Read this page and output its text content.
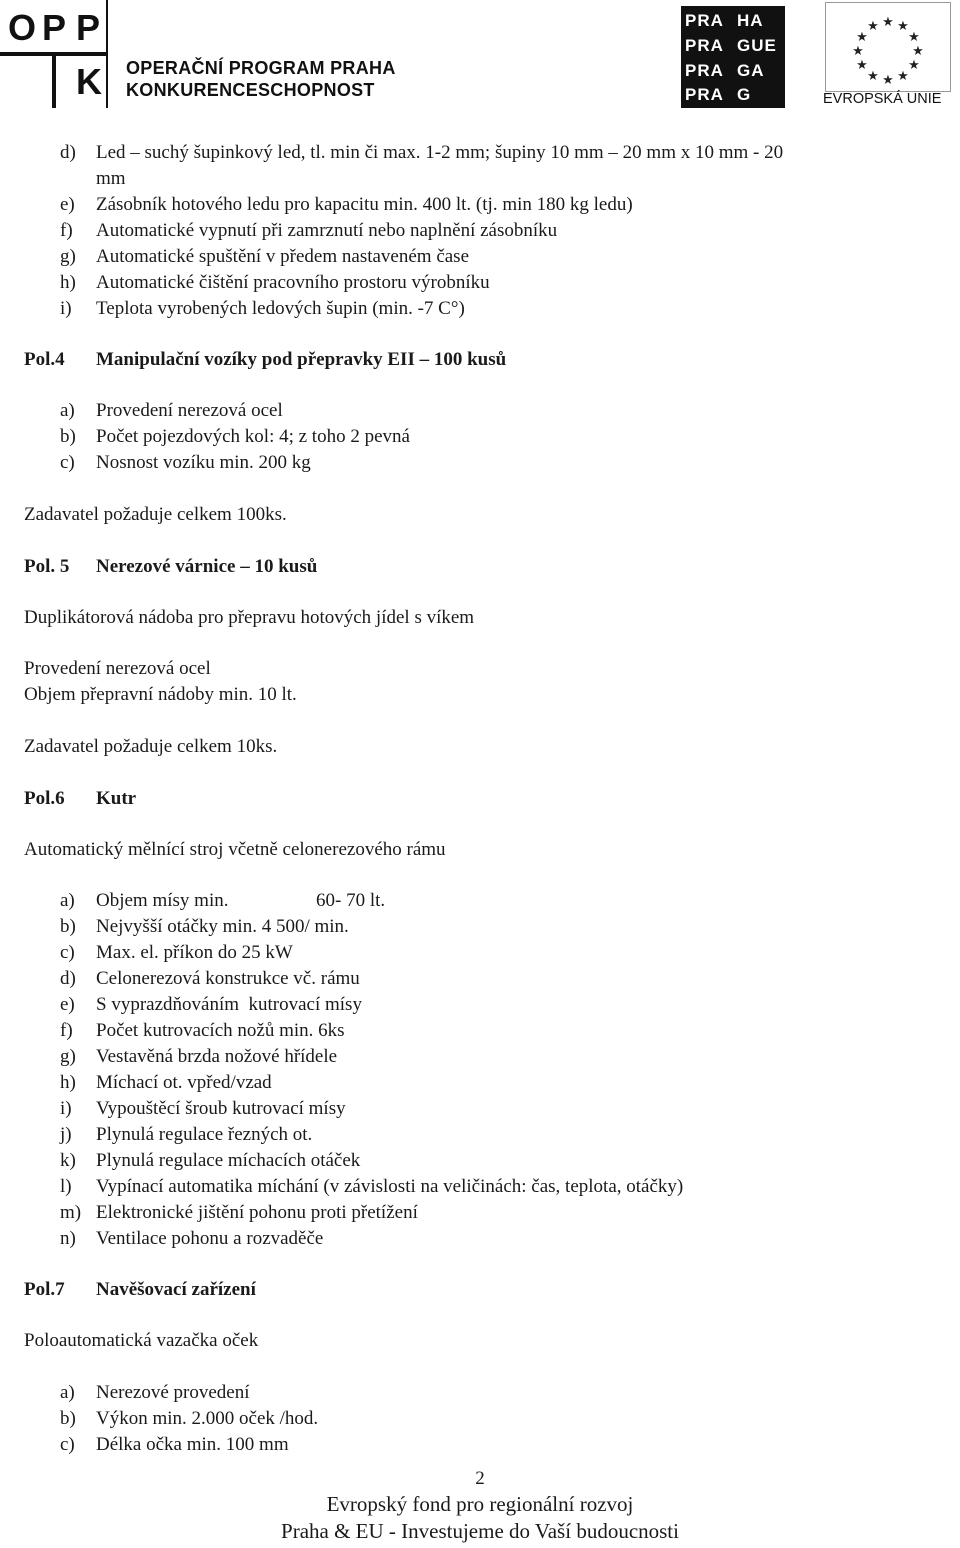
O P P
K OPERAČNÍ PROGRAM PRAHA
KONKURENCESCHOPNOST
PRA HA
PRA GUE
PRA GA
PRA G
★ ★
★
★
★
★
★
★
★
★
★
★
EVROPSKÁ UNIE
d) Led – suchý šupinkový led, tl. min či max. 1-2 mm; šupiny 10 mm – 20 mm x 10 mm - 20
mm
e) Zásobník hotového ledu pro kapacitu min. 400 lt. (tj. min 180 kg ledu)
f) Automatické vypnutí při zamrznutí nebo naplnění zásobníku
g) Automatické spuštění v předem nastaveném čase
h) Automatické čištění pracovního prostoru výrobníku
i) Teplota vyrobených ledových šupin (min. -7 C°)
Pol.4 Manipulační vozíky pod přepravky EII – 100 kusů
a) Provedení nerezová ocel
b) Počet pojezdových kol: 4; z toho 2 pevná
c) Nosnost vozíku min. 200 kg
Zadavatel požaduje celkem 100ks.
Pol. 5 Nerezové várnice – 10 kusů
Duplikátorová nádoba pro přepravu hotových jídel s víkem
Provedení nerezová ocel
Objem přepravní nádoby min. 10 lt.
Zadavatel požaduje celkem 10ks.
Pol.6 Kutr
Automatický mělnící stroj včetně celonerezového rámu
a) Objem mísy min.	60- 70 lt.
b) Nejvyšší otáčky min. 4 500/ min.
c) Max. el. příkon do 25 kW
d) Celonerezová konstrukce vč. rámu
e) S vyprazdňováním  kutrovací mísy
f) Počet kutrovacích nožů min. 6ks
g) Vestavěná brzda nožové hřídele
h) Míchací ot. vpřed/vzad
i) Vypouštěcí šroub kutrovací mísy
j) Plynulá regulace řezných ot.
k) Plynulá regulace míchacích otáček
l) Vypínací automatika míchání (v závislosti na veličinách: čas, teplota, otáčky)
m) Elektronické jištění pohonu proti přetížení
n) Ventilace pohonu a rozvaděče
Pol.7 Navěšovací zařízení
Poloautomatická vazačka oček
a) Nerezové provedení
b) Výkon min. 2.000 oček /hod.
c) Délka očka min. 100 mm
2
Evropský fond pro regionální rozvoj
Praha & EU - Investujeme do Vaší budoucnosti
